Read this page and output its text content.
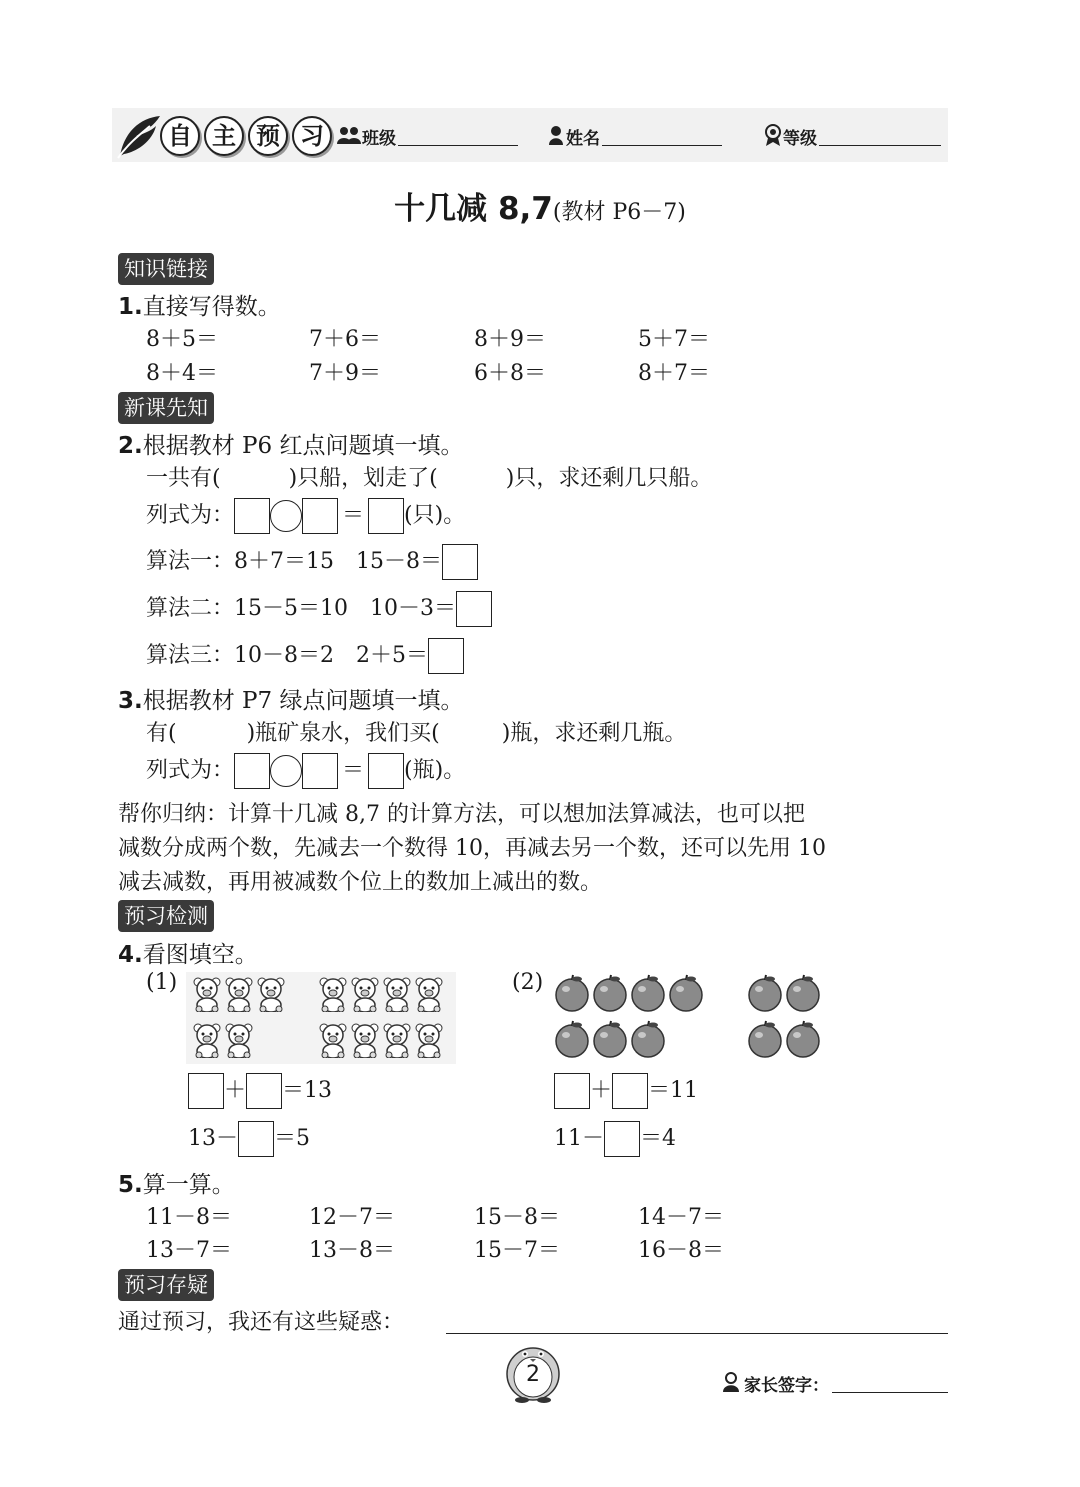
自 主 预 习	班级	姓名	等级
十几减 8,7(教材 P6－7)
知识链接
1.直接写得数。
8＋5＝	7＋6＝	8＋9＝	5＋7＝
8＋4＝	7＋9＝	6＋8＝	8＋7＝
新课先知
2.根据教材 P6 红点问题填一填。
一共有(	)只船，划走了(	)只，求还剩几只船。
列式为：	＝ (只)。
算法一：8＋7＝15　15－8＝
算法二：15－5＝10　10－3＝
算法三：10－8＝2　2＋5＝
3.根据教材 P7 绿点问题填一填。
有(	)瓶矿泉水，我们买(	)瓶，求还剩几瓶。
列式为：	＝ (瓶)。
帮你归纳：计算十几减 8,7 的计算方法，可以想加法算减法，也可以把
减数分成两个数，先减去一个数得 10，再减去另一个数，还可以先用 10
减去减数，再用被减数个位上的数加上减出的数。
预习检测
4.看图填空。
(1)	(2)
＋ ＝13
13－ ＝5
＋ ＝11
11－ ＝4
5.算一算。
11－8＝	12－7＝	15－8＝	14－7＝
13－7＝	13－8＝	15－7＝	16－8＝
预习存疑
通过预习，我还有这些疑惑：
2	家长签字：
